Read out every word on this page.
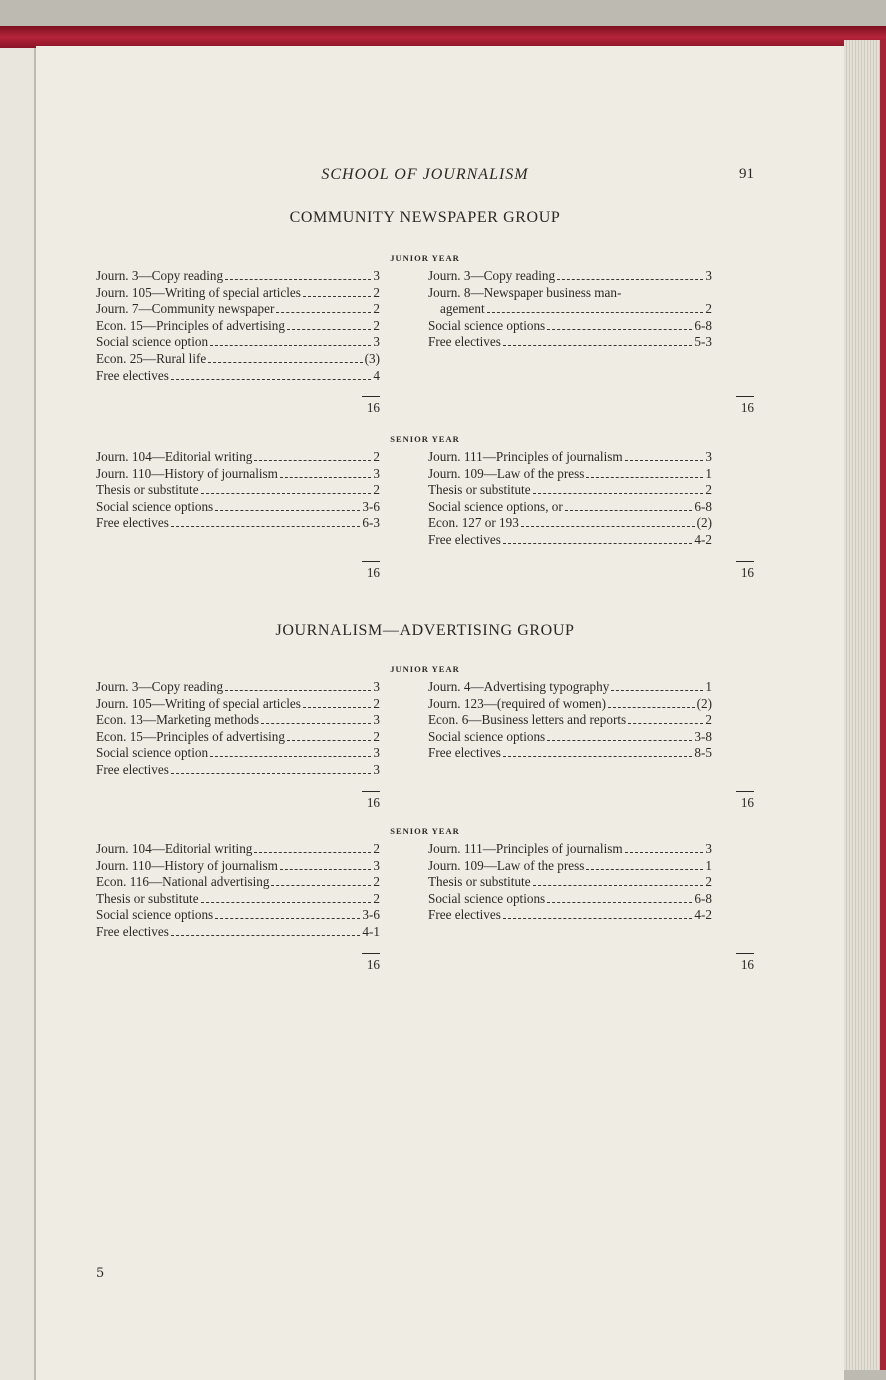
SCHOOL OF JOURNALISM	91
COMMUNITY NEWSPAPER GROUP
JUNIOR YEAR
Journ. 3—Copy reading	3
Journ. 105—Writing of special articles	2
Journ. 7—Community newspaper	2
Econ. 15—Principles of advertising	2
Social science option	3
Econ. 25—Rural life	(3)
Free electives	4
16
Journ. 3—Copy reading	3
Journ. 8—Newspaper business man-
agement	2
Social science options	6-8
Free electives	5-3
16
SENIOR YEAR
Journ. 104—Editorial writing	2
Journ. 110—History of journalism	3
Thesis or substitute	2
Social science options	3-6
Free electives	6-3
16
Journ. 111—Principles of journalism	3
Journ. 109—Law of the press	1
Thesis or substitute	2
Social science options, or	6-8
Econ. 127 or 193	(2)
Free electives	4-2
16
JOURNALISM—ADVERTISING GROUP
JUNIOR YEAR
Journ. 3—Copy reading	3
Journ. 105—Writing of special articles	2
Econ. 13—Marketing methods	3
Econ. 15—Principles of advertising	2
Social science option	3
Free electives	3
16
Journ. 4—Advertising typography	1
Journ. 123—(required of women)	(2)
Econ. 6—Business letters and reports	2
Social science options	3-8
Free electives	8-5
16
SENIOR YEAR
Journ. 104—Editorial writing	2
Journ. 110—History of journalism	3
Econ. 116—National advertising	2
Thesis or substitute	2
Social science options	3-6
Free electives	4-1
16
Journ. 111—Principles of journalism	3
Journ. 109—Law of the press	1
Thesis or substitute	2
Social science options	6-8
Free electives	4-2
16
5
